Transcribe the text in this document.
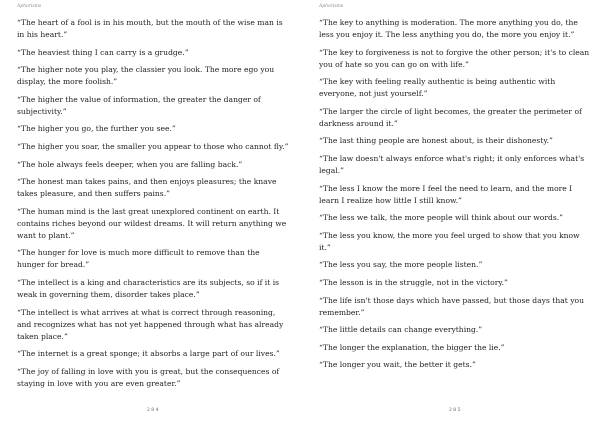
Aphorisms	Aphorisms

“The heart of a fool is in his mouth, but the mouth of the wise man is in his heart.”

“The heaviest thing I can carry is a grudge.”

“The higher note you play, the classier you look. The more ego you display, the more foolish.”

“The higher the value of information, the greater the danger of subjectivity.”

“The higher you go, the further you see.”

“The higher you soar, the smaller you appear to those who cannot fly.”

“The hole always feels deeper, when you are falling back.”

“The honest man takes pains, and then enjoys pleasures; the knave takes pleasure, and then suffers pains.”

“The human mind is the last great unexplored continent on earth. It contains riches beyond our wildest dreams. It will return anything we want to plant.”

“The hunger for love is much more difficult to remove than the hunger for bread.”

“The intellect is a king and characteristics are its subjects, so if it is weak in governing them, disorder takes place.”

“The intellect is what arrives at what is correct through reasoning, and recognizes what has not yet happened through what has already taken place.”

“The internet is a great sponge; it absorbs a large part of our lives.”

“The joy of falling in love with you is great, but the consequences of staying in love with you are even greater.”

“The key to anything is moderation. The more anything you do, the less you enjoy it. The less anything you do, the more you enjoy it.”

“The key to forgiveness is not to forgive the other person; it's to clean you of hate so you can go on with life.”

“The key with feeling really authentic is being authentic with everyone, not just yourself.”

“The larger the circle of light becomes, the greater the perimeter of darkness around it.”

“The last thing people are honest about, is their dishonesty.”

“The law doesn't always enforce what's right; it only enforces what's legal.”

“The less I know the more I feel the need to learn, and the more I learn I realize how little I still know.”

“The less we talk, the more people will think about our words.”

“The less you know, the more you feel urged to show that you know it.”

“The less you say, the more people listen.”

“The lesson is in the struggle, not in the victory.”

“The life isn't those days which have passed, but those days that you remember.”

“The little details can change everything.”

“The longer the explanation, the bigger the lie.”

“The longer you wait, the better it gets.”

2 8 4	2 8 5
